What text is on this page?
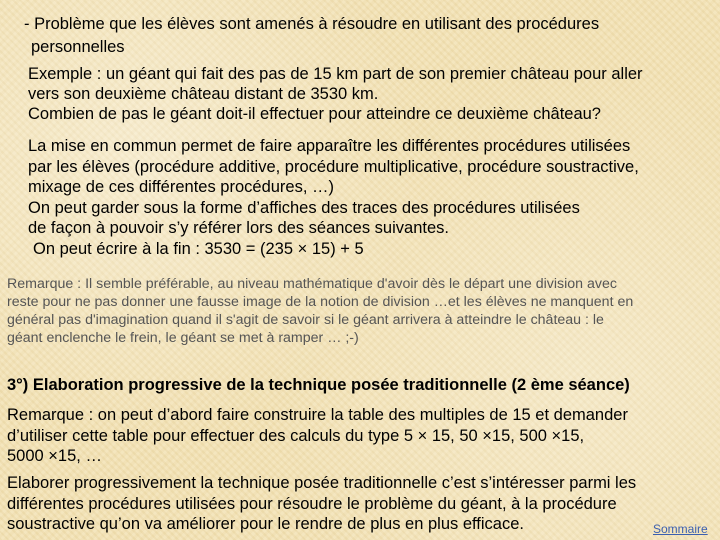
- Problème que les élèves sont amenés à résoudre en utilisant des procédures
personnelles
Exemple : un géant qui fait des pas de 15 km part de son premier château pour aller
vers son deuxième château distant de 3530 km.
Combien de pas le géant doit-il effectuer pour atteindre ce deuxième château?
La mise en commun permet de faire apparaître les différentes procédures utilisées
par les élèves (procédure additive, procédure multiplicative, procédure soustractive,
mixage de ces différentes procédures, …)
On peut garder sous la forme d’affiches des traces des procédures utilisées
de façon à pouvoir s’y référer lors des séances suivantes.
On peut écrire à la fin : 3530 = (235 × 15) + 5
Remarque : Il semble préférable, au niveau mathématique d'avoir dès le départ une division avec
reste pour ne pas donner une fausse image de la notion de division …et les élèves ne manquent en
général pas d'imagination quand il s'agit de savoir si le géant arrivera à atteindre le château : le
géant enclenche le frein, le géant se met à ramper … ;-)
3°) Elaboration progressive de la technique posée traditionnelle (2 ème séance)
Remarque : on peut d’abord faire construire la table des multiples de 15 et demander
d’utiliser cette table pour effectuer des calculs du type 5 × 15, 50 ×15, 500 ×15,
5000 ×15, …
Elaborer progressivement la technique posée traditionnelle c’est s’intéresser parmi les
différentes procédures utilisées pour résoudre le problème du géant, à la procédure
soustractive qu’on va améliorer pour le rendre de plus en plus efficace.	Sommaire
